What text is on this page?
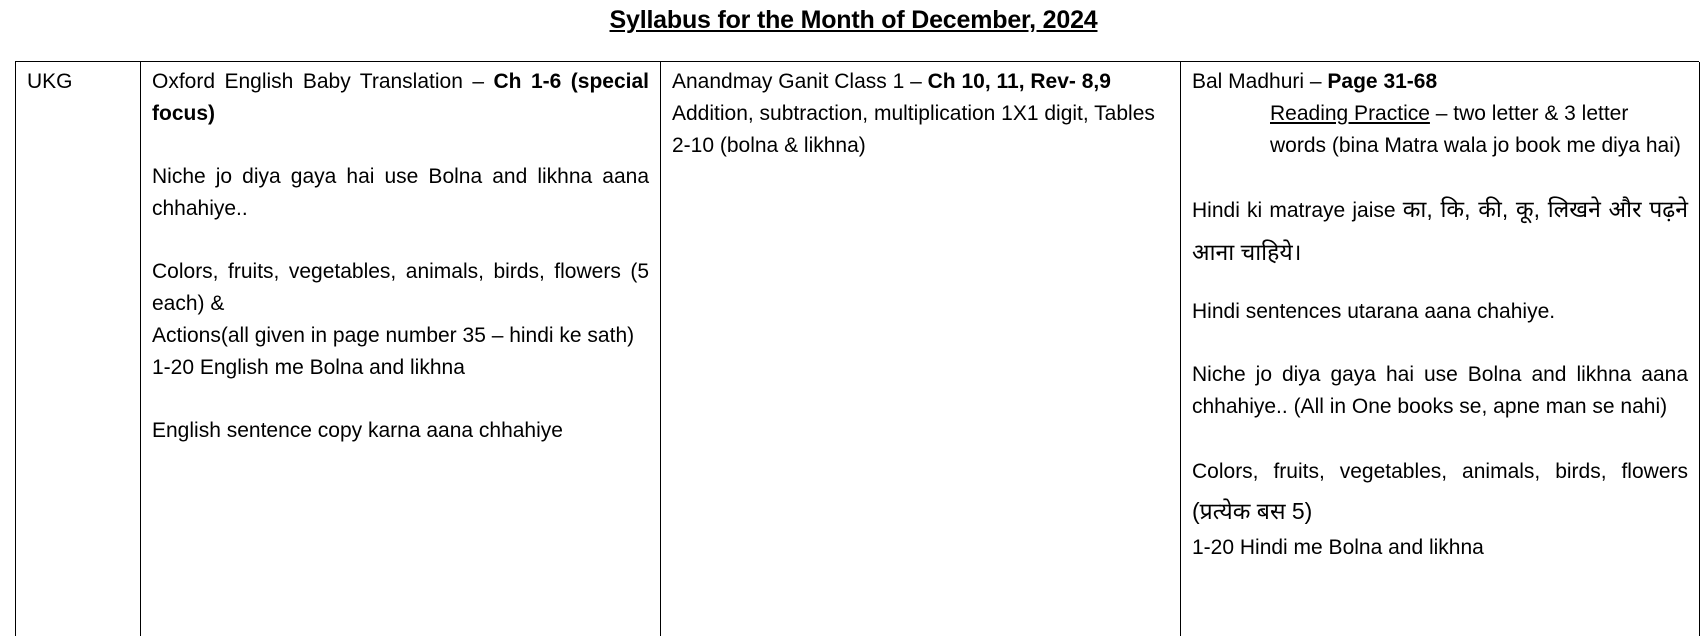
Syllabus for the Month of December, 2024
UKG	Oxford English Baby Translation – Ch 1-6 (special focus)

Niche jo diya gaya hai use Bolna and likhna aana chhahiye..

Colors, fruits, vegetables, animals, birds, flowers (5 each) &

Actions(all given in page number 35 – hindi ke sath)

1-20 English me Bolna and likhna

English sentence copy karna aana chhahiye

Anandmay Ganit Class 1 – Ch 10, 11, Rev- 8,9

Addition, subtraction, multiplication 1X1 digit, Tables 2-10 (bolna & likhna)

Bal Madhuri – Page 31-68

Reading Practice – two letter & 3 letter words (bina Matra wala jo book me diya hai)

Hindi ki matraye jaise का, कि, की, कू, लिखने और पढ़ने आना चाहिये।

Hindi sentences utarana aana chahiye.

Niche jo diya gaya hai use Bolna and likhna aana chhahiye.. (All in One books se, apne man se nahi)

Colors, fruits, vegetables, animals, birds, flowers (प्रत्येक बस 5)

1-20 Hindi me Bolna and likhna
